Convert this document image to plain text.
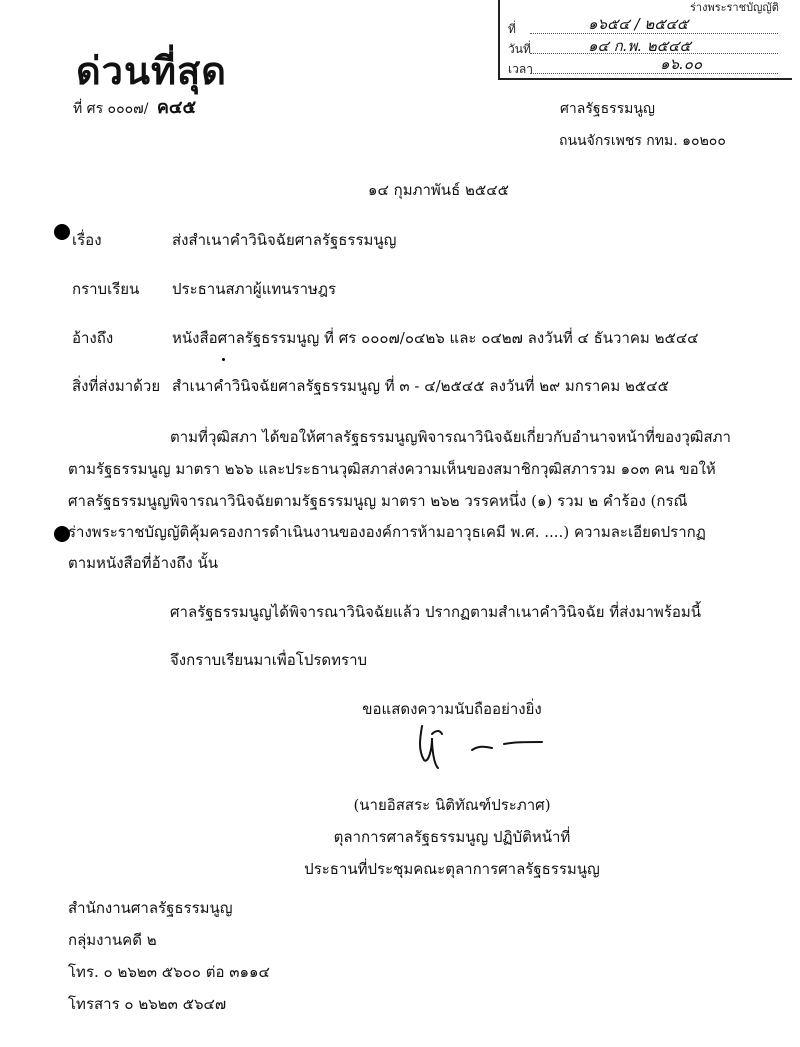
ร่างพระราชบัญญัติ
ที่	๑๖๕๔ / ๒๕๔๕
วันที่	๑๔ ก.พ. ๒๕๔๕
เวลา	๑๖.๐๐
ด่วนที่สุด
ที่ ศร ๐๐๐๗/ ค๔๕	ศาลรัฐธรรมนูญ
ถนนจักรเพชร กทม. ๑๐๒๐๐
๑๔ กุมภาพันธ์ ๒๕๔๕
เรื่อง	ส่งสำเนาคำวินิจฉัยศาลรัฐธรรมนูญ
กราบเรียน ประธานสภาผู้แทนราษฎร
อ้างถึง	หนังสือศาลรัฐธรรมนูญ ที่ ศร ๐๐๐๗/๐๔๒๖ และ ๐๔๒๗ ลงวันที่ ๔ ธันวาคม ๒๕๔๔
สิ่งที่ส่งมาด้วย สำเนาคำวินิจฉัยศาลรัฐธรรมนูญ ที่ ๓ - ๔/๒๕๔๕ ลงวันที่ ๒๙ มกราคม ๒๕๔๕
ตามที่วุฒิสภา ได้ขอให้ศาลรัฐธรรมนูญพิจารณาวินิจฉัยเกี่ยวกับอำนาจหน้าที่ของวุฒิสภา
ตามรัฐธรรมนูญ มาตรา ๒๖๖ และประธานวุฒิสภาส่งความเห็นของสมาชิกวุฒิสภารวม ๑๐๓ คน ขอให้
ศาลรัฐธรรมนูญพิจารณาวินิจฉัยตามรัฐธรรมนูญ มาตรา ๒๖๒ วรรคหนึ่ง (๑) รวม ๒ คำร้อง (กรณี
ร่างพระราชบัญญัติคุ้มครองการดำเนินงานขององค์การห้ามอาวุธเคมี พ.ศ. ....) ความละเอียดปรากฏ
ตามหนังสือที่อ้างถึง นั้น
ศาลรัฐธรรมนูญได้พิจารณาวินิจฉัยแล้ว ปรากฏตามสำเนาคำวินิจฉัย ที่ส่งมาพร้อมนี้
จึงกราบเรียนมาเพื่อโปรดทราบ
ขอแสดงความนับถืออย่างยิ่ง
(นายอิสสระ นิติทัณฑ์ประภาศ)
ตุลาการศาลรัฐธรรมนูญ ปฏิบัติหน้าที่
ประธานที่ประชุมคณะตุลาการศาลรัฐธรรมนูญ
สำนักงานศาลรัฐธรรมนูญ
กลุ่มงานคดี ๒
โทร. ๐ ๒๖๒๓ ๕๖๐๐ ต่อ ๓๑๑๔
โทรสาร ๐ ๒๖๒๓ ๕๖๔๗
